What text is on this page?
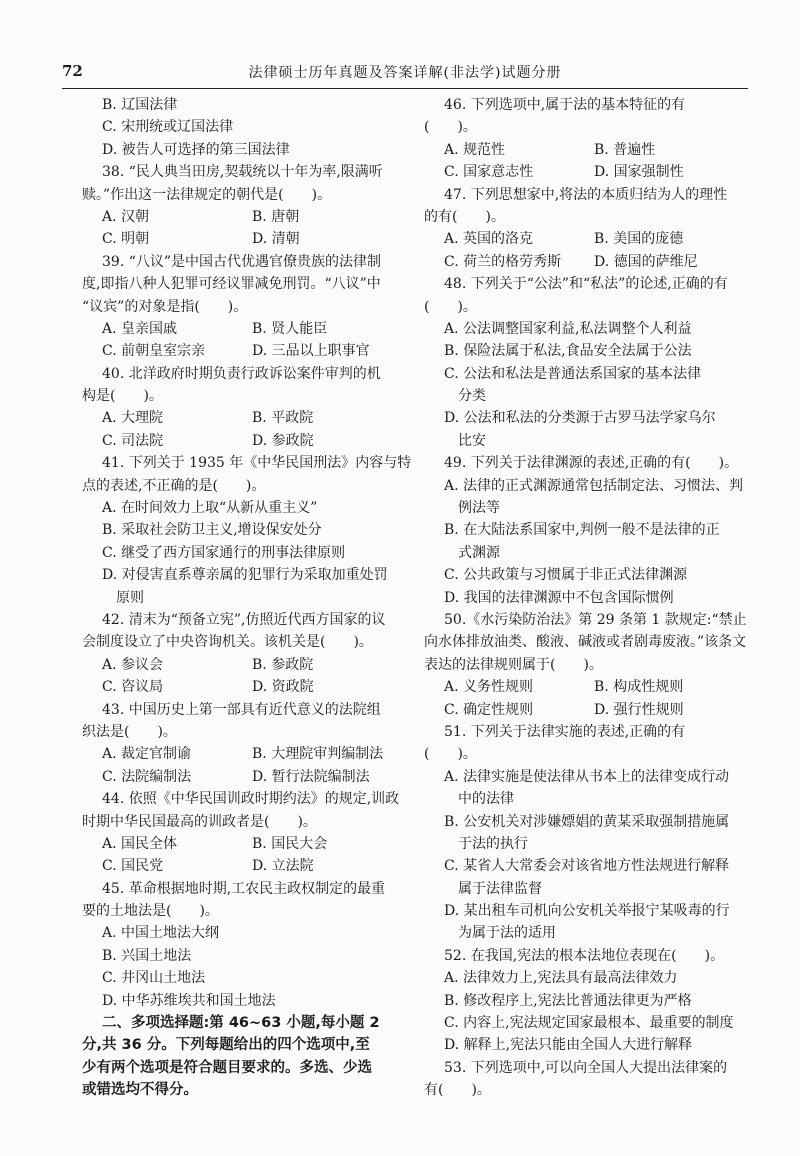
72	法律硕士历年真题及答案详解(非法学)试题分册
B. 辽国法律
C. 宋刑统或辽国法律
D. 被告人可选择的第三国法律
38. “民人典当田房,契载统以十年为率,限满听
赎。”作出这一法律规定的朝代是(　　)。
A. 汉朝	B. 唐朝
C. 明朝	D. 清朝
39. “八议”是中国古代优遇官僚贵族的法律制
度,即指八种人犯罪可经议罪减免刑罚。“八议”中
“议宾”的对象是指(　　)。
A. 皇亲国戚	B. 贤人能臣
C. 前朝皇室宗亲	D. 三品以上职事官
40. 北洋政府时期负责行政诉讼案件审判的机
构是(　　)。
A. 大理院	B. 平政院
C. 司法院	D. 参政院
41. 下列关于 1935 年《中华民国刑法》内容与特
点的表述,不正确的是(　　)。
A. 在时间效力上取“从新从重主义”
B. 采取社会防卫主义,增设保安处分
C. 继受了西方国家通行的刑事法律原则
D. 对侵害直系尊亲属的犯罪行为采取加重处罚
原则
42. 清末为“预备立宪”,仿照近代西方国家的议
会制度设立了中央咨询机关。该机关是(　　)。
A. 参议会	B. 参政院
C. 咨议局	D. 资政院
43. 中国历史上第一部具有近代意义的法院组
织法是(　　)。
A. 裁定官制谕	B. 大理院审判编制法
C. 法院编制法	D. 暂行法院编制法
44. 依照《中华民国训政时期约法》的规定,训政
时期中华民国最高的训政者是(　　)。
A. 国民全体	B. 国民大会
C. 国民党	D. 立法院
45. 革命根据地时期,工农民主政权制定的最重
要的土地法是(　　)。
A. 中国土地法大纲
B. 兴国土地法
C. 井冈山土地法
D. 中华苏维埃共和国土地法
二、多项选择题:第 46~63 小题,每小题 2
分,共 36 分。下列每题给出的四个选项中,至
少有两个选项是符合题目要求的。多选、少选
或错选均不得分。
46. 下列选项中,属于法的基本特征的有
(　　)。
A. 规范性	B. 普遍性
C. 国家意志性	D. 国家强制性
47. 下列思想家中,将法的本质归结为人的理性
的有(　　)。
A. 英国的洛克	B. 美国的庞德
C. 荷兰的格劳秀斯	D. 德国的萨维尼
48. 下列关于“公法”和“私法”的论述,正确的有
(　　)。
A. 公法调整国家利益,私法调整个人利益
B. 保险法属于私法,食品安全法属于公法
C. 公法和私法是普通法系国家的基本法律
分类
D. 公法和私法的分类源于古罗马法学家乌尔
比安
49. 下列关于法律渊源的表述,正确的有(　　)。
A. 法律的正式渊源通常包括制定法、习惯法、判
例法等
B. 在大陆法系国家中,判例一般不是法律的正
式渊源
C. 公共政策与习惯属于非正式法律渊源
D. 我国的法律渊源中不包含国际惯例
50.《水污染防治法》第 29 条第 1 款规定:“禁止
向水体排放油类、酸液、碱液或者剧毒废液。”该条文
表达的法律规则属于(　　)。
A. 义务性规则	B. 构成性规则
C. 确定性规则	D. 强行性规则
51. 下列关于法律实施的表述,正确的有
(　　)。
A. 法律实施是使法律从书本上的法律变成行动
中的法律
B. 公安机关对涉嫌嫖娼的黄某采取强制措施属
于法的执行
C. 某省人大常委会对该省地方性法规进行解释
属于法律监督
D. 某出租车司机向公安机关举报宁某吸毒的行
为属于法的适用
52. 在我国,宪法的根本法地位表现在(　　)。
A. 法律效力上,宪法具有最高法律效力
B. 修改程序上,宪法比普通法律更为严格
C. 内容上,宪法规定国家最根本、最重要的制度
D. 解释上,宪法只能由全国人大进行解释
53. 下列选项中,可以向全国人大提出法律案的
有(　　)。
